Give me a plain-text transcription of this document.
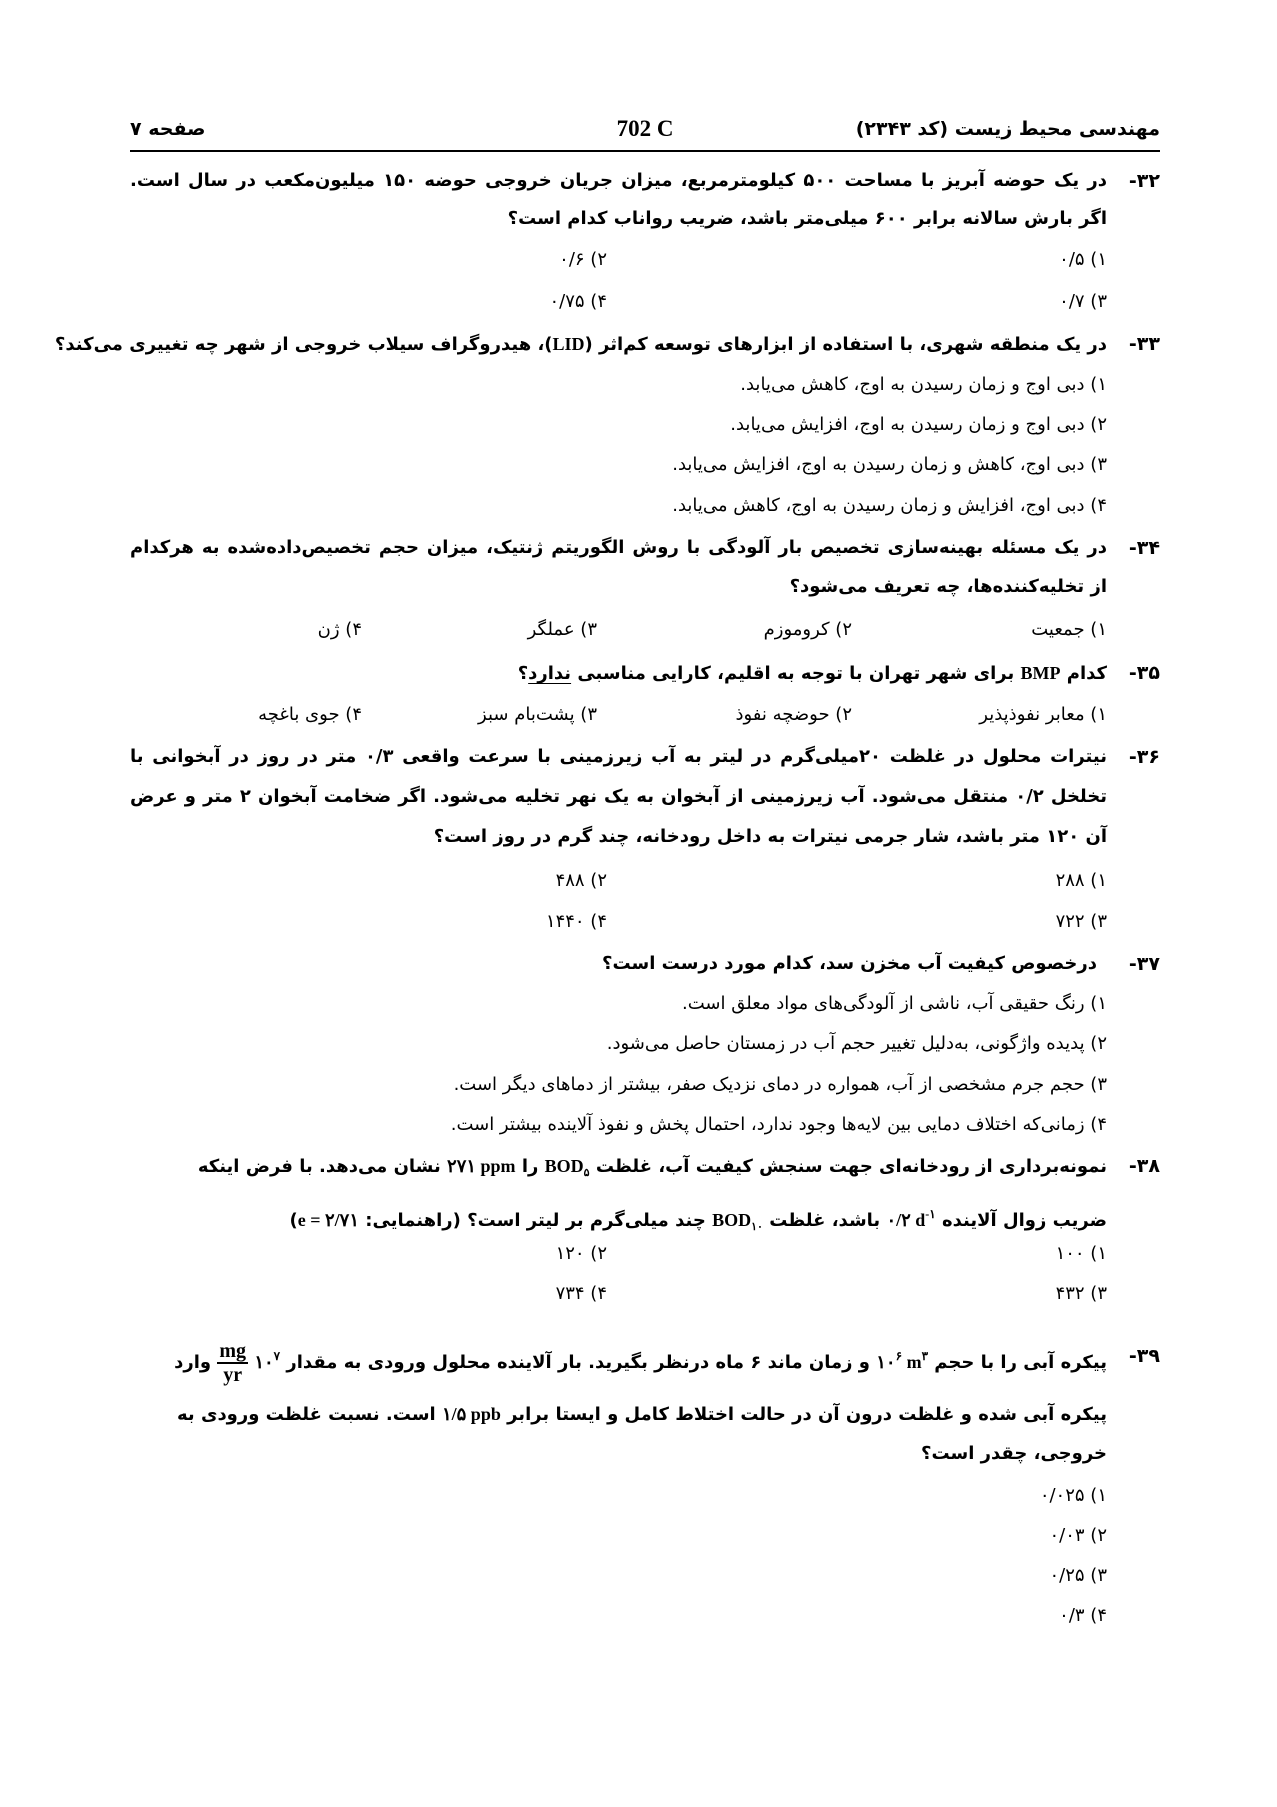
مهندسی محیط زیست (کد ۲۳۴۳)
702 C
صفحه ۷
۳۲-
در یک حوضه آبریز با مساحت ۵۰۰ کیلومترمربع، میزان جریان خروجی حوضه ۱۵۰ میلیون‌مکعب در سال است.
اگر بارش سالانه برابر ۶۰۰ میلی‌متر باشد، ضریب رواناب کدام است؟
۱) ۰/۵
۲) ۰/۶
۳) ۰/۷
۴) ۰/۷۵
۳۳-
در یک منطقه شهری، با استفاده از ابزارهای توسعه کم‌اثر (LID)، هیدروگراف سیلاب خروجی از شهر چه تغییری می‌کند؟
۱) دبی اوج و زمان رسیدن به اوج، کاهش می‌یابد.
۲) دبی اوج و زمان رسیدن به اوج، افزایش می‌یابد.
۳) دبی اوج، کاهش و زمان رسیدن به اوج، افزایش می‌یابد.
۴) دبی اوج، افزایش و زمان رسیدن به اوج، کاهش می‌یابد.
۳۴-
در یک مسئله بهینه‌سازی تخصیص بار آلودگی با روش الگوریتم ژنتیک، میزان حجم تخصیص‌داده‌شده به هرکدام
از تخلیه‌کننده‌ها، چه تعریف می‌شود؟
۱) جمعیت
۲) کروموزم
۳) عملگر
۴) ژن
۳۵-
کدام BMP برای شهر تهران با توجه به اقلیم، کارایی مناسبی ندارد؟
۱) معابر نفوذپذیر
۲) حوضچه نفوذ
۳) پشت‌بام سبز
۴) جوی باغچه
۳۶-
نیترات محلول در غلظت ۲۰میلی‌گرم در لیتر به آب زیرزمینی با سرعت واقعی ۰/۳ متر در روز در آبخوانی با
تخلخل ۰/۲ منتقل می‌شود. آب زیرزمینی از آبخوان به یک نهر تخلیه می‌شود. اگر ضخامت آبخوان ۲ متر و عرض
آن ۱۲۰ متر باشد، شار جرمی نیترات به داخل رودخانه، چند گرم در روز است؟
۱) ۲۸۸
۲) ۴۸۸
۳) ۷۲۲
۴) ۱۴۴۰
۳۷-
درخصوص کیفیت آب مخزن سد، کدام مورد درست است؟
۱) رنگ حقیقی آب، ناشی از آلودگی‌های مواد معلق است.
۲) پدیده واژگونی، به‌دلیل تغییر حجم آب در زمستان حاصل می‌شود.
۳) حجم جرم مشخصی از آب، همواره در دمای نزدیک صفر، بیشتر از دماهای دیگر است.
۴) زمانی‌که اختلاف دمایی بین لایه‌ها وجود ندارد، احتمال پخش و نفوذ آلاینده بیشتر است.
۳۸-
نمونه‌برداری از رودخانه‌ای جهت سنجش کیفیت آب، غلظت $BOD_۵$ را ۲۷۱ ppm نشان می‌دهد. با فرض اینکه
ضریب زوال آلاینده ۰/۲ $d^{-۱}$ باشد، غلظت $BOD_{۱۰}$ چند میلی‌گرم بر لیتر است؟ (راهنمایی: e = ۲/۷۱)
۱) ۱۰۰
۲) ۱۲۰
۳) ۴۳۲
۴) ۷۳۴
۳۹-
پیکره آبی را با حجم $۱۰^۶$ $m^۳$ و زمان ماند ۶ ماه درنظر بگیرید. بار آلاینده محلول ورودی به مقدار $۱۰^۷$
$\frac{mg}{yr}$
وارد
پیکره آبی شده و غلظت درون آن در حالت اختلاط کامل و ایستا برابر ۱/۵ ppb است. نسبت غلظت ورودی به
خروجی، چقدر است؟
۱) ۰/۰۲۵
۲) ۰/۰۳
۳) ۰/۲۵
۴) ۰/۳
